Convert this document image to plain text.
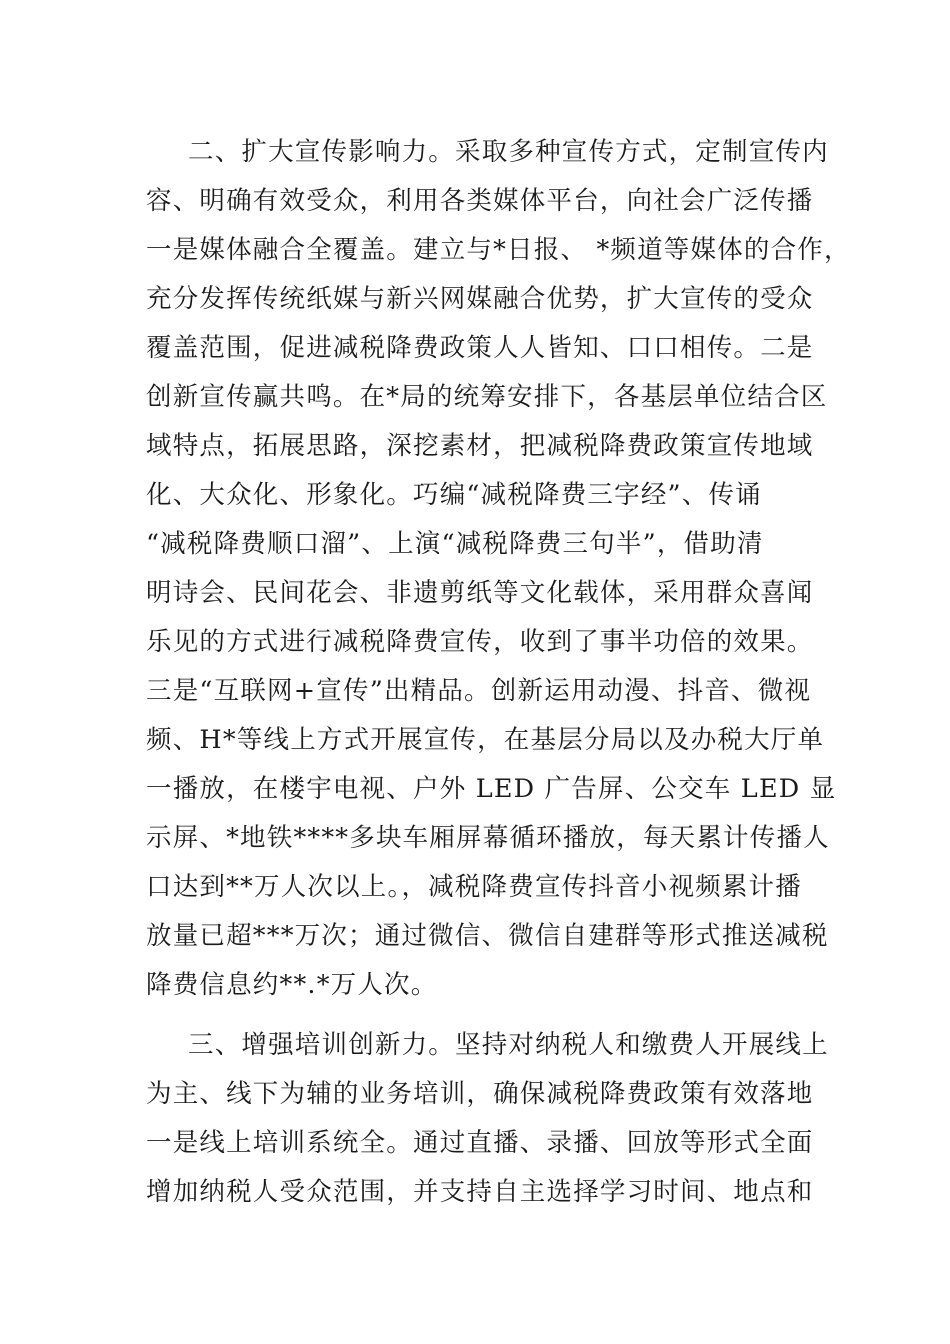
二、扩大宣传影响力。采取多种宣传方式，定制宣传内
容、明确有效受众，利用各类媒体平台，向社会广泛传播
一是媒体融合全覆盖。建立与*日报、 *频道等媒体的合作，
充分发挥传统纸媒与新兴网媒融合优势，扩大宣传的受众
覆盖范围，促进减税降费政策人人皆知、口口相传。二是
创新宣传赢共鸣。在*局的统筹安排下，各基层单位结合区
域特点，拓展思路，深挖素材，把减税降费政策宣传地域
化、大众化、形象化。巧编“减税降费三字经”、传诵
“减税降费顺口溜”、上演“减税降费三句半”，借助清
明诗会、民间花会、非遗剪纸等文化载体，采用群众喜闻
乐见的方式进行减税降费宣传，收到了事半功倍的效果。
三是“互联网+宣传”出精品。创新运用动漫、抖音、微视
频、H*等线上方式开展宣传，在基层分局以及办税大厅单
一播放，在楼宇电视、户外 LED 广告屏、公交车 LED 显
示屏、*地铁****多块车厢屏幕循环播放，每天累计传播人
口达到**万人次以上。，减税降费宣传抖音小视频累计播
放量已超***万次；通过微信、微信自建群等形式推送减税
降费信息约**.*万人次。
三、增强培训创新力。坚持对纳税人和缴费人开展线上
为主、线下为辅的业务培训，确保减税降费政策有效落地
一是线上培训系统全。通过直播、录播、回放等形式全面
增加纳税人受众范围，并支持自主选择学习时间、地点和
